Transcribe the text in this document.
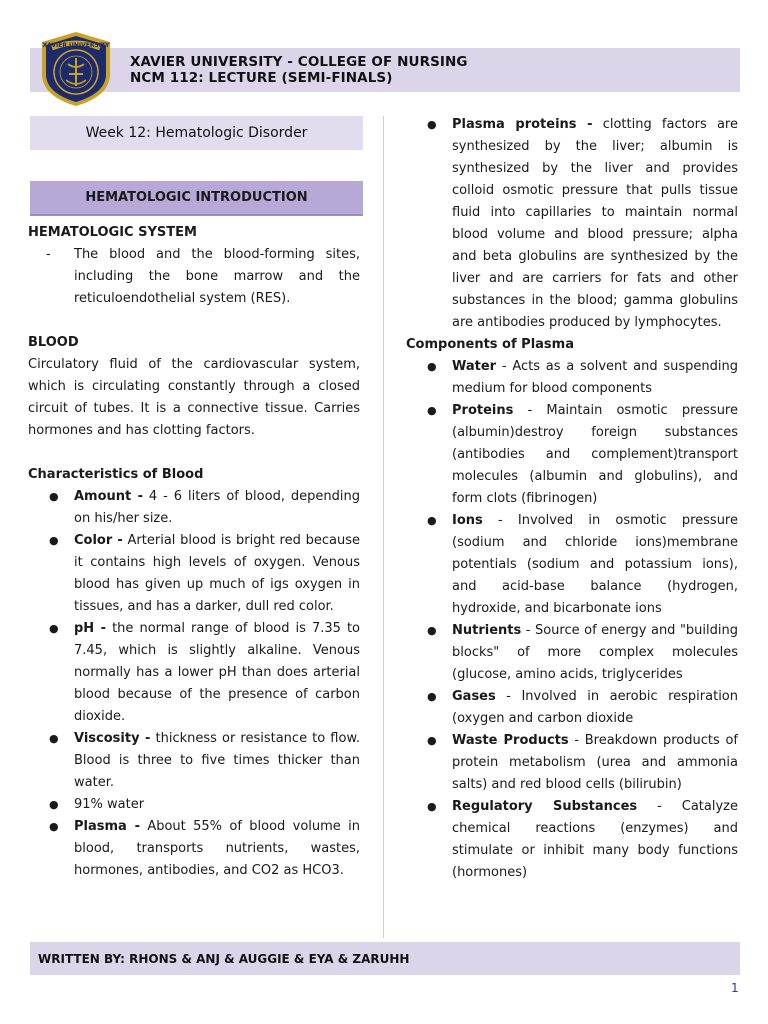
XAVIER UNIVERSITY
XAVIER UNIVERSITY - COLLEGE OF NURSING
NCM 112: LECTURE (SEMI-FINALS)
Week 12: Hematologic Disorder
HEMATOLOGIC INTRODUCTION
HEMATOLOGIC SYSTEM
-	The blood and the blood-forming sites, including the bone marrow and the reticuloendothelial system (RES).
BLOOD

Circulatory fluid of the cardiovascular system, which is circulating constantly through a closed circuit of tubes. It is a connective tissue. Carries hormones and has clotting factors.

Characteristics of Blood
●	Amount - 4 - 6 liters of blood, depending on his/her size.
●	Color - Arterial blood is bright red because it contains high levels of oxygen. Venous blood has given up much of igs oxygen in tissues, and has a darker, dull red color.
●	pH - the normal range of blood is 7.35 to 7.45, which is slightly alkaline. Venous normally has a lower pH than does arterial blood because of the presence of carbon dioxide.
●	Viscosity - thickness or resistance to flow. Blood is three to five times thicker than water.
●	91% water
●	Plasma - About 55% of blood volume in blood, transports nutrients, wastes, hormones, antibodies, and CO2 as HCO3.
●	Plasma proteins - clotting factors are synthesized by the liver; albumin is synthesized by the liver and provides colloid osmotic pressure that pulls tissue fluid into capillaries to maintain normal blood volume and blood pressure; alpha and beta globulins are synthesized by the liver and are carriers for fats and other substances in the blood; gamma globulins are antibodies produced by lymphocytes.
Components of Plasma
●	Water - Acts as a solvent and suspending medium for blood components
●	Proteins - Maintain osmotic pressure (albumin)destroy foreign substances (antibodies and complement)transport molecules (albumin and globulins), and form clots (fibrinogen)
●	Ions - Involved in osmotic pressure (sodium and chloride ions)membrane potentials (sodium and potassium ions), and acid-base balance (hydrogen, hydroxide, and bicarbonate ions
●	Nutrients - Source of energy and "building blocks" of more complex molecules (glucose, amino acids, triglycerides
●	Gases - Involved in aerobic respiration (oxygen and carbon dioxide
●	Waste Products - Breakdown products of protein metabolism (urea and ammonia salts) and red blood cells (bilirubin)
●	Regulatory Substances - Catalyze chemical reactions (enzymes) and stimulate or inhibit many body functions (hormones)
WRITTEN BY: RHONS & ANJ & AUGGIE & EYA & ZARUHH
1
